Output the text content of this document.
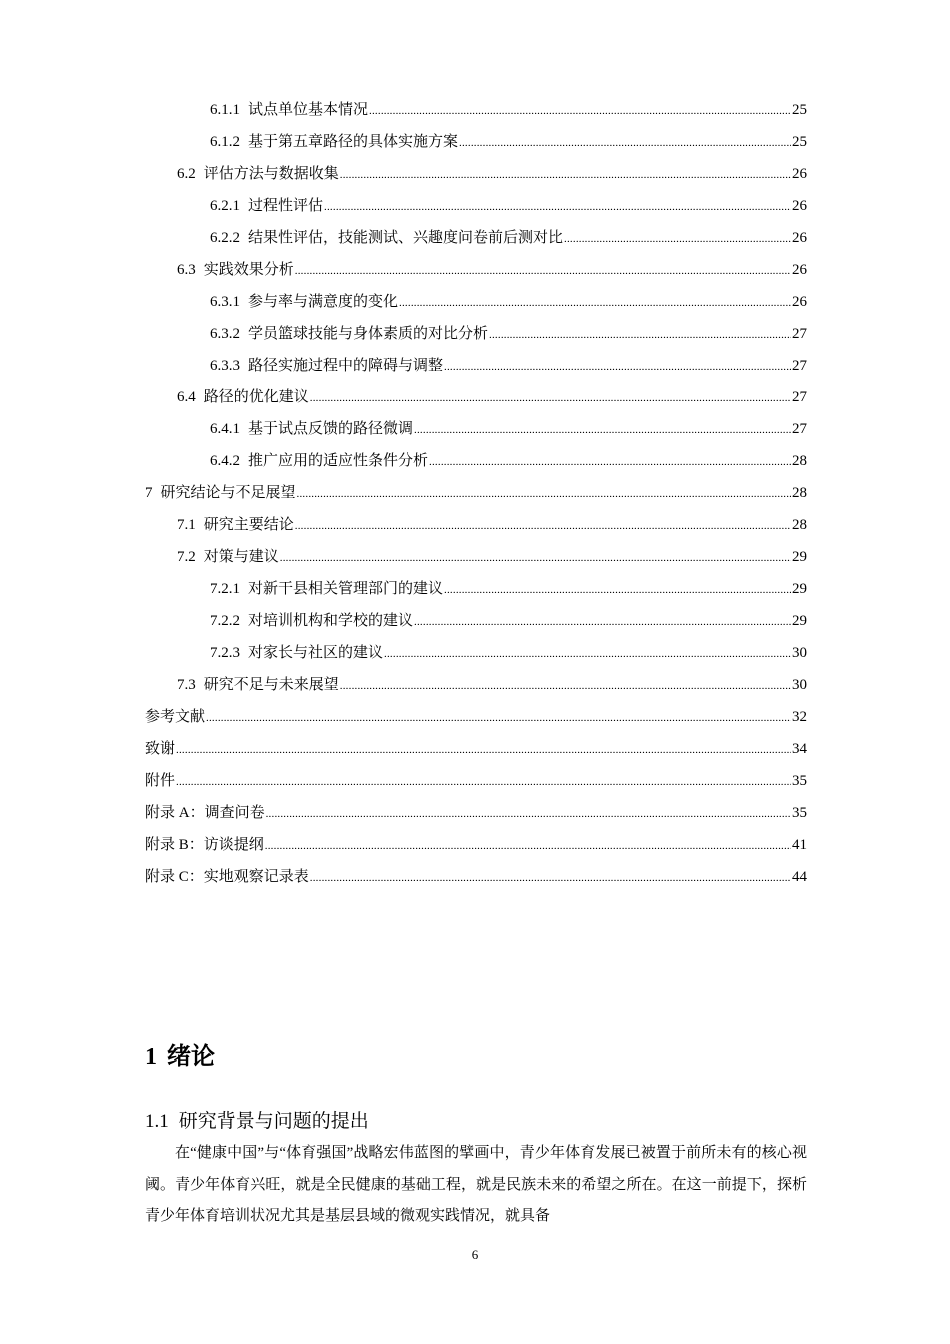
6.1.1 试点单位基本情况 .....	25
6.1.2 基于第五章路径的具体实施方案 .....	25
6.2 评估方法与数据收集 .....	26
6.2.1 过程性评估 .....	26
6.2.2 结果性评估，技能测试、兴趣度问卷前后测对比 .....	26
6.3 实践效果分析 .....	26
6.3.1 参与率与满意度的变化 .....	26
6.3.2 学员篮球技能与身体素质的对比分析 .....	27
6.3.3 路径实施过程中的障碍与调整 .....	27
6.4 路径的优化建议 .....	27
6.4.1 基于试点反馈的路径微调 .....	27
6.4.2 推广应用的适应性条件分析 .....	28
7 研究结论与不足展望 .....	28
7.1 研究主要结论 .....	28
7.2 对策与建议 .....	29
7.2.1 对新干县相关管理部门的建议 .....	29
7.2.2 对培训机构和学校的建议 .....	29
7.2.3 对家长与社区的建议 .....	30
7.3 研究不足与未来展望 .....	30
参考文献 .....	32
致谢 .....	34
附件 .....	35
附录 A：调查问卷 .....	35
附录 B：访谈提纲 .....	41
附录 C：实地观察记录表 .....	44
1 绪论
1.1 研究背景与问题的提出

在“健康中国”与“体育强国”战略宏伟蓝图的擘画中，青少年体育发展已被置于前所未有的核心视阈。青少年体育兴旺，就是全民健康的基础工程，就是民族未来的希望之所在。在这一前提下，探析青少年体育培训状况尤其是基层县域的微观实践情况，就具备

6
